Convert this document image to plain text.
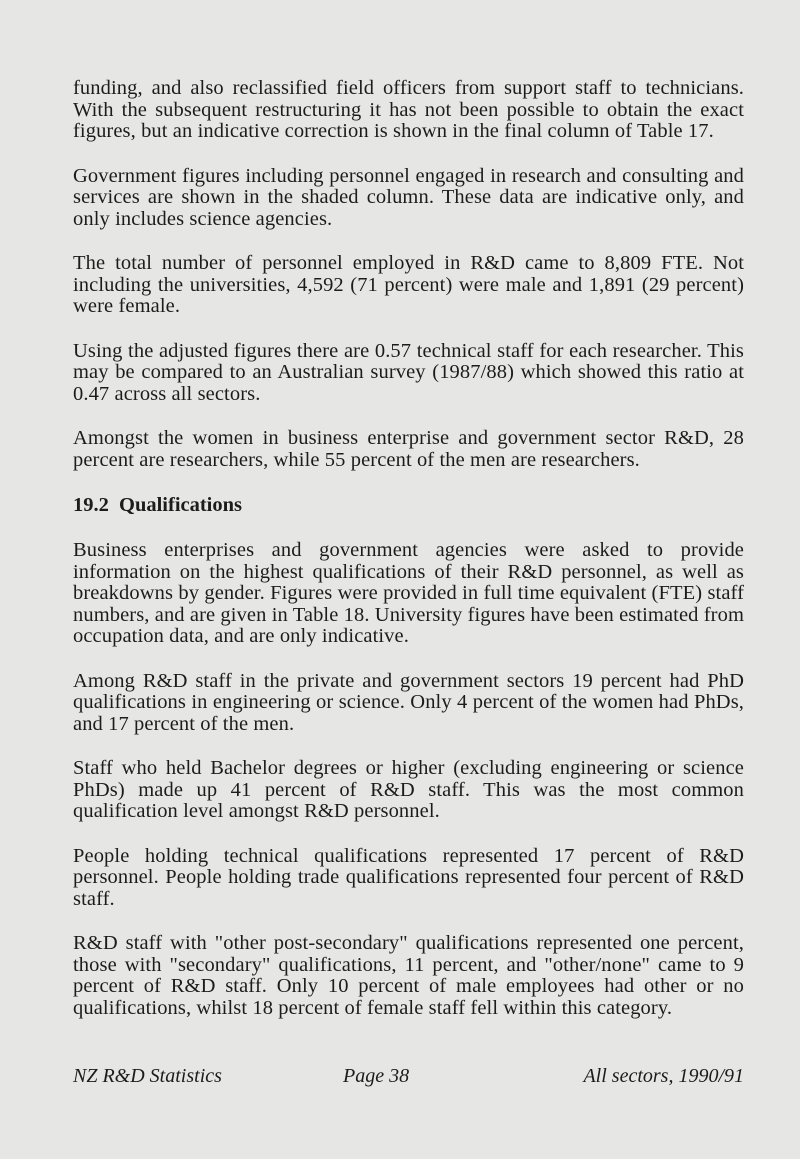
funding, and also reclassified field officers from support staff to technicians. With the subsequent restructuring it has not been possible to obtain the exact figures, but an indicative correction is shown in the final column of Table 17.

Government figures including personnel engaged in research and consulting and services are shown in the shaded column. These data are indicative only, and only includes science agencies.

The total number of personnel employed in R&D came to 8,809 FTE. Not including the universities, 4,592 (71 percent) were male and 1,891 (29 percent) were female.

Using the adjusted figures there are 0.57 technical staff for each researcher. This may be compared to an Australian survey (1987/88) which showed this ratio at 0.47 across all sectors.

Amongst the women in business enterprise and government sector R&D, 28 percent are researchers, while 55 percent of the men are researchers.

19.2 Qualifications

Business enterprises and government agencies were asked to provide information on the highest qualifications of their R&D personnel, as well as breakdowns by gender. Figures were provided in full time equivalent (FTE) staff numbers, and are given in Table 18. University figures have been estimated from occupation data, and are only indicative.

Among R&D staff in the private and government sectors 19 percent had PhD qualifications in engineering or science. Only 4 percent of the women had PhDs, and 17 percent of the men.

Staff who held Bachelor degrees or higher (excluding engineering or science PhDs) made up 41 percent of R&D staff. This was the most common qualification level amongst R&D personnel.

People holding technical qualifications represented 17 percent of R&D personnel. People holding trade qualifications represented four percent of R&D staff.

R&D staff with "other post-secondary" qualifications represented one percent, those with "secondary" qualifications, 11 percent, and "other/none" came to 9 percent of R&D staff. Only 10 percent of male employees had other or no qualifications, whilst 18 percent of female staff fell within this category.

NZ R&D Statistics	Page 38	All sectors, 1990/91
